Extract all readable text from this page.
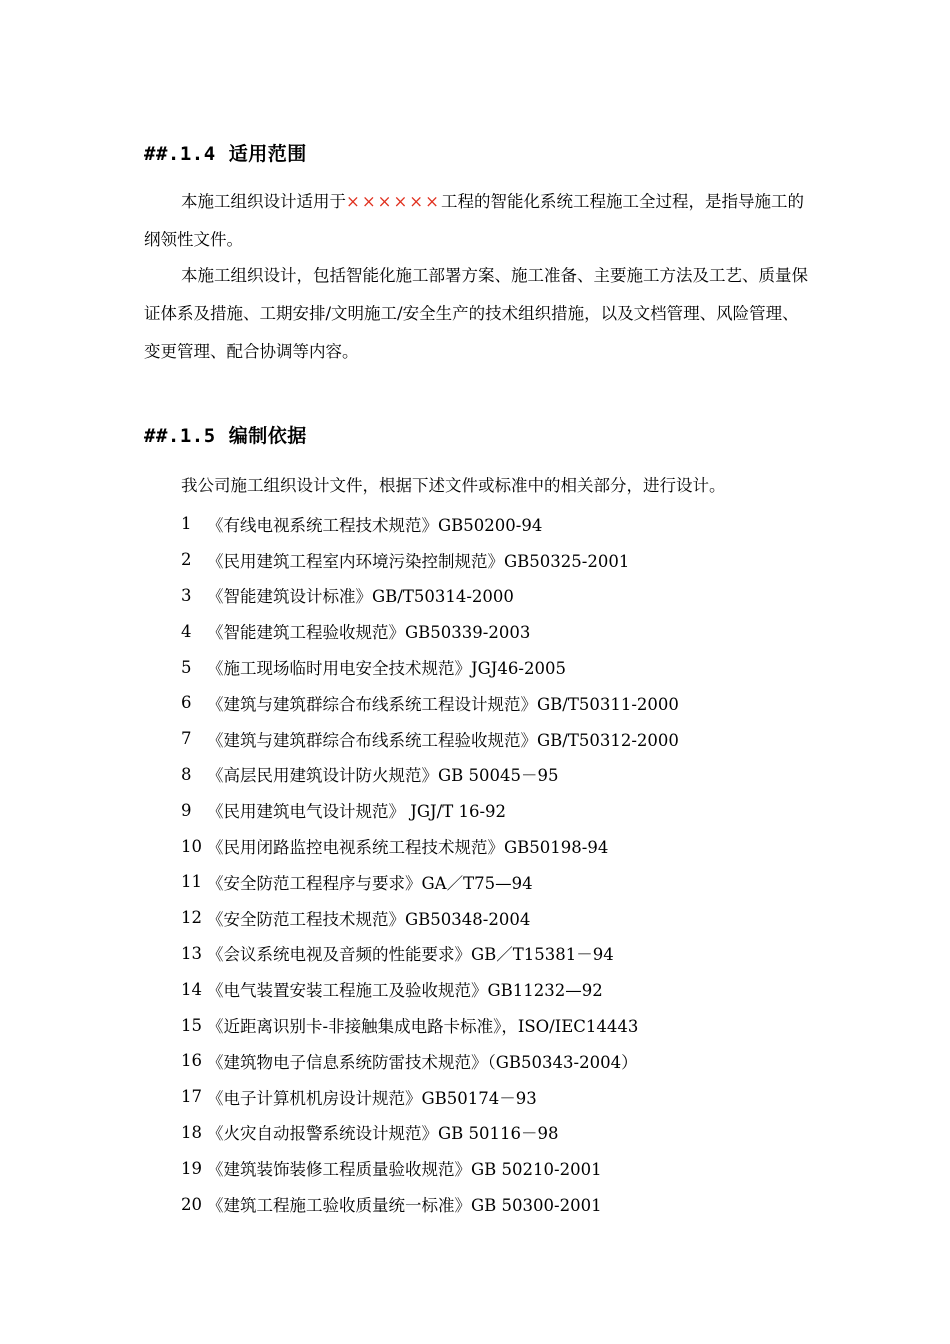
##.1.4 适用范围

本施工组织设计适用于××××××工程的智能化系统工程施工全过程，是指导施工的纲领性文件。

本施工组织设计，包括智能化施工部署方案、施工准备、主要施工方法及工艺、质量保证体系及措施、工期安排/文明施工/安全生产的技术组织措施，以及文档管理、风险管理、变更管理、配合协调等内容。

##.1.5 编制依据
我公司施工组织设计文件，根据下述文件或标准中的相关部分，进行设计。
1 《有线电视系统工程技术规范》GB50200-94
2 《民用建筑工程室内环境污染控制规范》GB50325-2001
3 《智能建筑设计标准》GB/T50314-2000
4 《智能建筑工程验收规范》GB50339-2003
5 《施工现场临时用电安全技术规范》JGJ46-2005
6 《建筑与建筑群综合布线系统工程设计规范》GB/T50311-2000
7 《建筑与建筑群综合布线系统工程验收规范》GB/T50312-2000
8 《高层民用建筑设计防火规范》GB 50045－95
9 《民用建筑电气设计规范》 JGJ/T 16-92
10 《民用闭路监控电视系统工程技术规范》GB50198-94
11 《安全防范工程程序与要求》GA／T75—94
12 《安全防范工程技术规范》GB50348-2004
13 《会议系统电视及音频的性能要求》GB／T15381－94
14 《电气装置安装工程施工及验收规范》GB11232—92
15 《近距离识别卡-非接触集成电路卡标准》，ISO/IEC14443
16 《建筑物电子信息系统防雷技术规范》（GB50343-2004）
17 《电子计算机机房设计规范》GB50174－93
18 《火灾自动报警系统设计规范》GB 50116－98
19 《建筑装饰装修工程质量验收规范》GB 50210-2001
20 《建筑工程施工验收质量统一标准》GB 50300-2001
